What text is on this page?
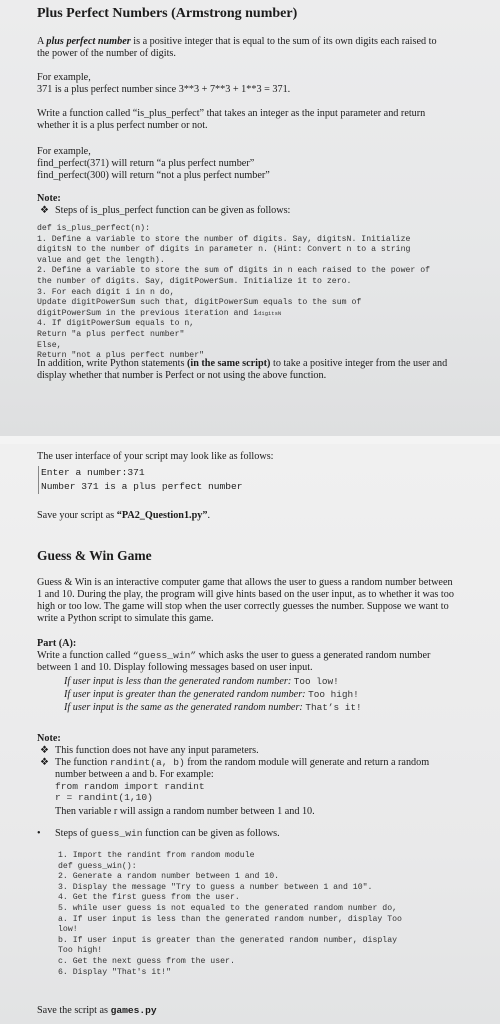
Plus Perfect Numbers (Armstrong number)
A plus perfect number is a positive integer that is equal to the sum of its own digits each raised to
the power of the number of digits.
For example,
371 is a plus perfect number since 3**3 + 7**3 + 1**3 = 371.
Write a function called “is_plus_perfect” that takes an integer as the input parameter and return
whether it is a plus perfect number or not.
For example,
find_perfect(371) will return “a plus perfect number”
find_perfect(300) will return “not a plus perfect number”
Note:
❖ Steps of is_plus_perfect function can be given as follows:
def is_plus_perfect(n):
1. Define a variable to store the number of digits. Say, digitsN. Initialize
digitsN to the number of digits in parameter n. (Hint: Convert n to a string
value and get the length).
2. Define a variable to store the sum of digits in n each raised to the power of
the number of digits. Say, digitPowerSum. Initialize it to zero.
3. For each digit i in n do,
Update digitPowerSum such that, digitPowerSum equals to the sum of
digitPowerSum in the previous iteration and $i^{digitsN}$
4. If digitPowerSum equals to n,
Return "a plus perfect number"
Else,
Return "not a plus perfect number"
In addition, write Python statements (in the same script) to take a positive integer from the user and
display whether that number is Perfect or not using the above function.
The user interface of your script may look like as follows:
Enter a number:371
Number 371 is a plus perfect number
Save your script as “PA2_Question1.py”.
Guess & Win Game
Guess & Win is an interactive computer game that allows the user to guess a random number between
1 and 10. During the play, the program will give hints based on the user input, as to whether it was too
high or too low. The game will stop when the user correctly guesses the number. Suppose we want to
write a Python script to simulate this game.
Part (A):
Write a function called “guess_win” which asks the user to guess a generated random number
between 1 and 10. Display following messages based on user input.
If user input is less than the generated random number: Too low!
If user input is greater than the generated random number: Too high!
If user input is the same as the generated random number: That’s it!
Note:
❖ This function does not have any input parameters.
❖ The function randint(a, b) from the random module will generate and return a random
number between a and b. For example:
from random import randint
r = randint(1,10)
Then variable r will assign a random number between 1 and 10.
• Steps of guess_win function can be given as follows.
1. Import the randint from random module
def guess_win():
2. Generate a random number between 1 and 10.
3. Display the message "Try to guess a number between 1 and 10".
4. Get the first guess from the user.
5. while user guess is not equaled to the generated random number do,
a. If user input is less than the generated random number, display Too
low!
b. If user input is greater than the generated random number, display
Too high!
c. Get the next guess from the user.
6. Display "That's it!"
Save the script as games.py
